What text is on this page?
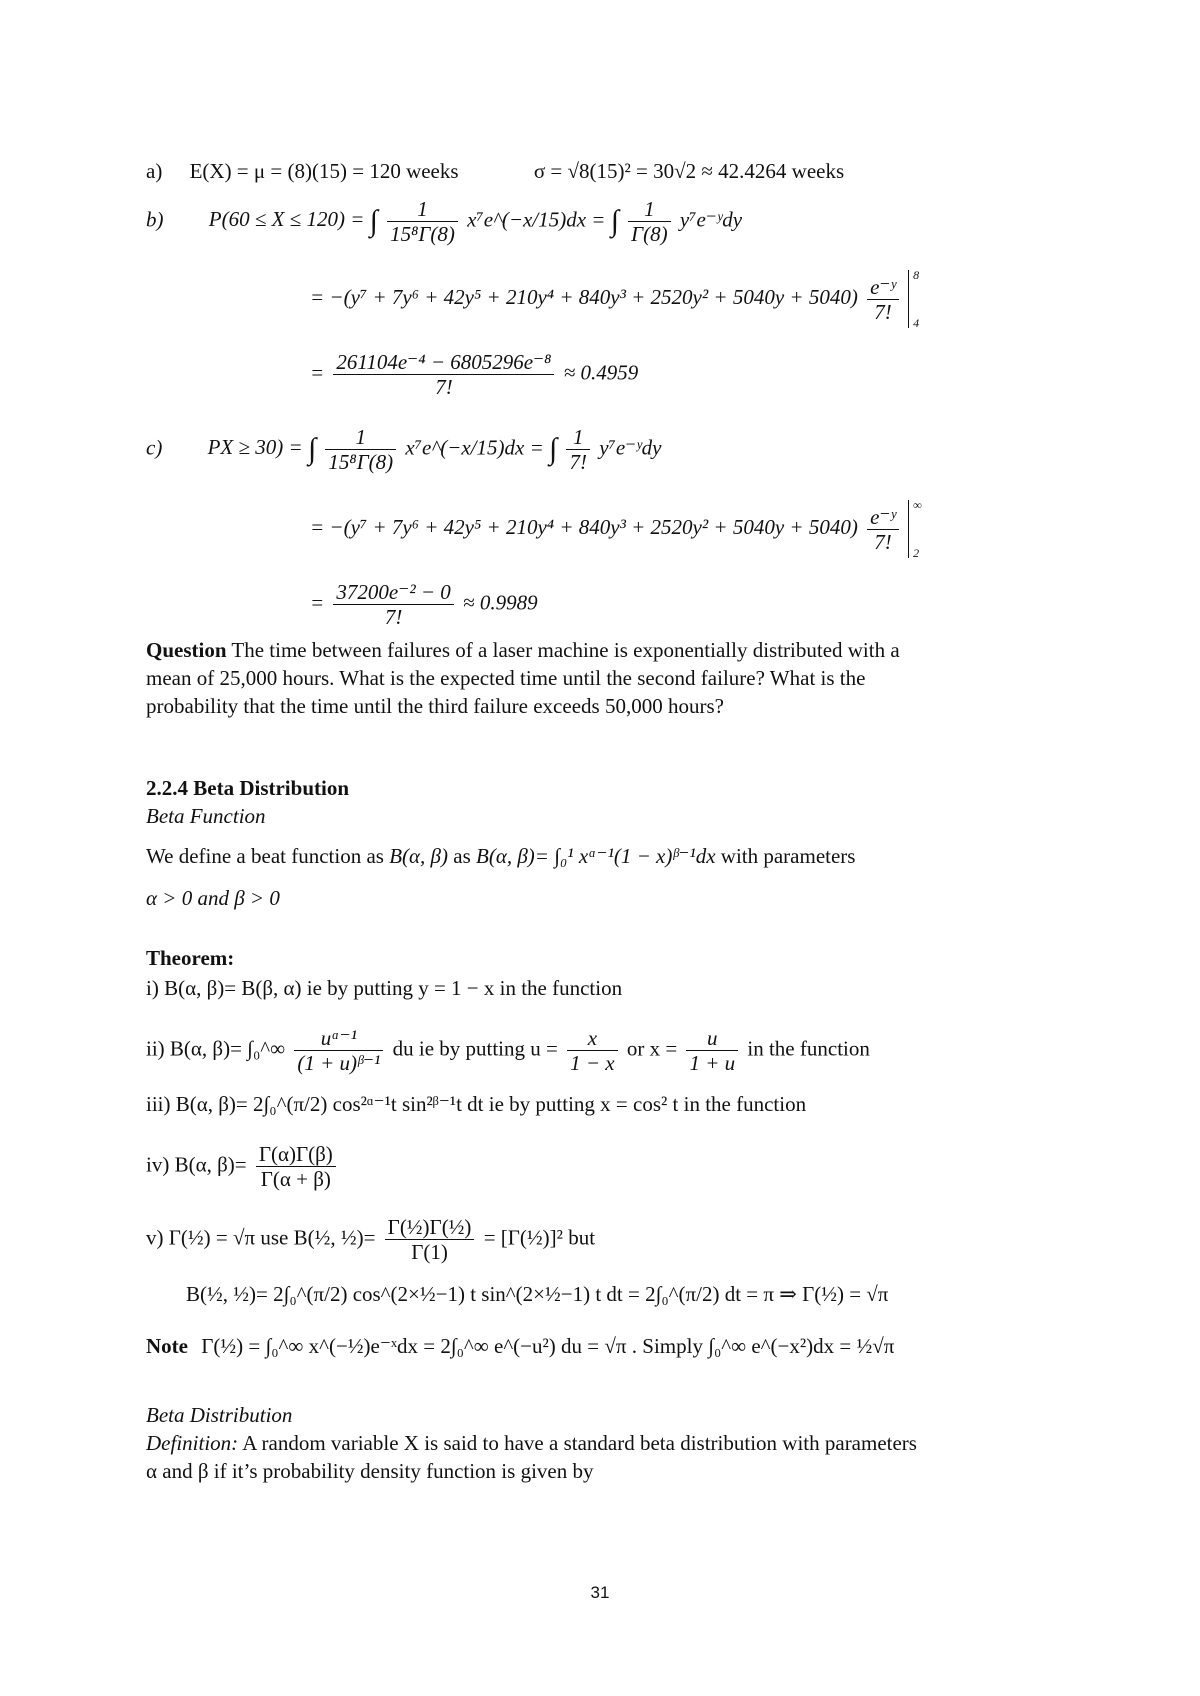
a) E(X) = μ = (8)(15) = 120 weeks	σ = √8(15)² = 30√2 ≈ 42.4264 weeks
b) P(60 ≤ X ≤ 120) = ∫ $\frac{1}{\text{15⁸Γ(8)}}$ x⁷e^(−x/15)dx = ∫ $\frac{1}{\Gamma(8)}$ y⁷e⁻ʸdy
= $-(y^7 + 7y^6 + 42y^5 + 210y^4 + 840y^3 + 2520y^2 + 5040y + 5040) \frac{\text{e⁻ʸ}}{7!}$
8
4
= $\frac{\text{261104e⁻⁴ − 6805296e⁻⁸}}{7!} \approx 0.4959$
c) PX ≥ 30) = ∫ $\frac{1}{\text{15⁸Γ(8)}}$ x⁷e^(−x/15)dx = ∫ $\frac{1}{7!}$ y⁷e⁻ʸdy
= $-(y^7 + 7y^6 + 42y^5 + 210y^4 + 840y^3 + 2520y^2 + 5040y + 5040) \frac{\text{e⁻ʸ}}{7!}$
∞
2
= $\frac{\text{37200e⁻² − 0}}{7!} \approx 0.9989$
Question The time between failures of a laser machine is exponentially distributed with a
mean of 25,000 hours. What is the expected time until the second failure? What is the
probability that the time until the third failure exceeds 50,000 hours?
2.2.4 Beta Distribution
Beta Function
We define a beat function as B(α, β) as B(α, β)= ∫₀¹ xᵅ⁻¹(1 − x)ᵝ⁻¹dx with parameters
α > 0 and β > 0
Theorem:
i) B(α, β)= B(β, α) ie by putting y = 1 − x in the function
ii) B(α, β)= ∫₀^∞ $\frac{\text{uᵅ⁻¹}}{\text{(1 + u)ᵝ⁻¹}}$ du ie by putting $u = \frac{x}{1 - x}$ or $x = \frac{u}{1 + u}$ in the function
iii) B(α, β)= 2∫₀^(π/2) cos²ᵅ⁻¹t sin²ᵝ⁻¹t dt ie by putting x = cos² t in the function
iv) B(α, $\beta)= \frac{\Gamma(\alpha)\Gamma(\beta)}{\Gamma(\alpha + \beta)}$
v) Γ(½) = √π use B(½, ½)= $\frac{\text{Γ(½)Γ(½)}}{\Gamma(1)}$ = [Γ(½)]² but
B(½, ½)= 2∫₀^(π/2) cos^(2×½−1) t sin^(2×½−1) t dt = 2∫₀^(π/2) dt = π ⇒ Γ(½) = √π
Note Γ(½) = ∫₀^∞ x^(−½)e⁻ˣdx = 2∫₀^∞ e^(−u²) du = √π . Simply ∫₀^∞ e^(−x²)dx = ½√π
Beta Distribution
Definition: A random variable X is said to have a standard beta distribution with parameters
α and β if it’s probability density function is given by
31
